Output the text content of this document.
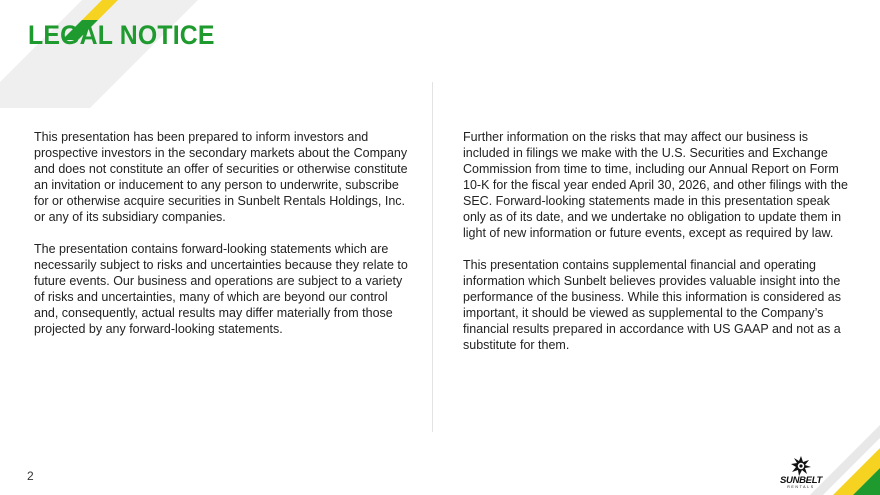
LEGAL NOTICE

This presentation has been prepared to inform investors and prospective investors in the secondary markets about the Company and does not constitute an offer of securities or otherwise constitute an invitation or inducement to any person to underwrite, subscribe for or otherwise acquire securities in Sunbelt Rentals Holdings, Inc. or any of its subsidiary companies.

The presentation contains forward-looking statements which are necessarily subject to risks and uncertainties because they relate to future events. Our business and operations are subject to a variety of risks and uncertainties, many of which are beyond our control and, consequently, actual results may differ materially from those projected by any forward-looking statements.

Further information on the risks that may affect our business is included in filings we make with the U.S. Securities and Exchange Commission from time to time, including our Annual Report on Form 10-K for the fiscal year ended April 30, 2026, and other filings with the SEC. Forward-looking statements made in this presentation speak only as of its date, and we undertake no obligation to update them in light of new information or future events, except as required by law.

This presentation contains supplemental financial and operating information which Sunbelt believes provides valuable insight into the performance of the business. While this information is considered as important, it should be viewed as supplemental to the Company’s financial results prepared in accordance with US GAAP and not as a substitute for them.

2	SUNBELT
RENTALS
